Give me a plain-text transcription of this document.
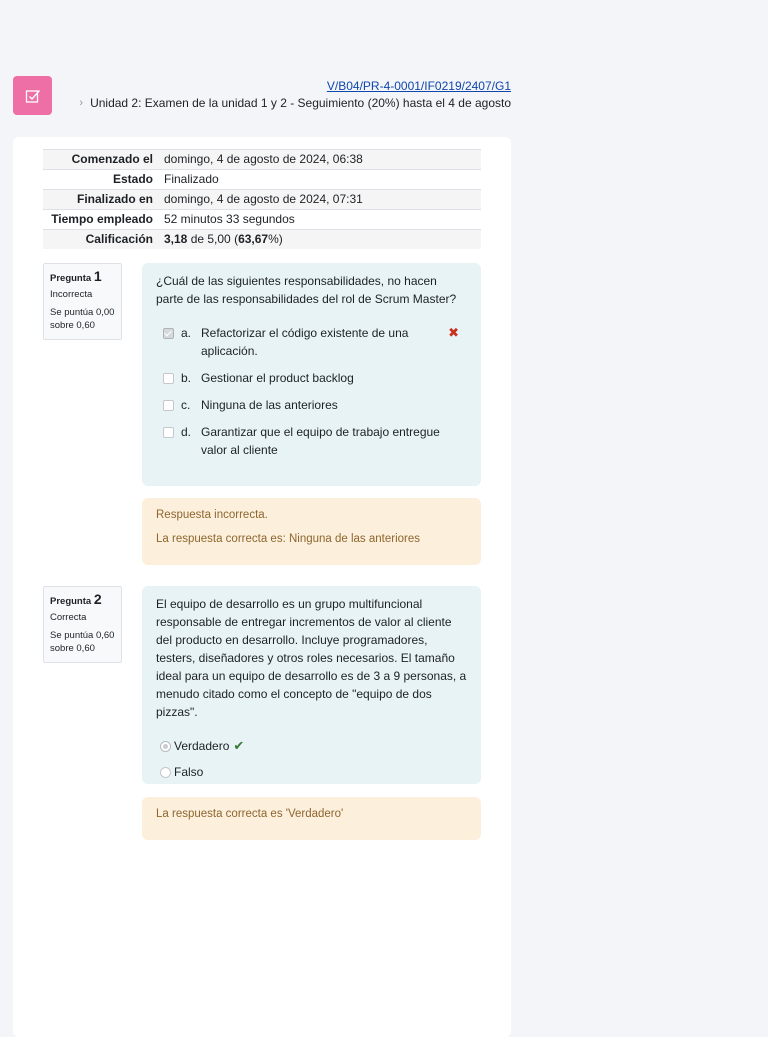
V/B04/PR-4-0001/IF0219/2407/G1
› Unidad 2: Examen de la unidad 1 y 2 - Seguimiento (20%) hasta el 4 de agosto
Comenzado el	domingo, 4 de agosto de 2024, 06:38
Estado	Finalizado
Finalizado en	domingo, 4 de agosto de 2024, 07:31
Tiempo empleado	52 minutos 33 segundos
Calificación	3,18 de 5,00 (63,67%)
Pregunta 1
Incorrecta
Se puntúa 0,00 sobre 0,60

¿Cuál de las siguientes responsabilidades, no hacen parte de las responsabilidades del rol de Scrum Master?

a. Refactorizar el código existente de una aplicación.
✖
b. Gestionar el product backlog
c. Ninguna de las anteriores
d. Garantizar que el equipo de trabajo entregue valor al cliente

Respuesta incorrecta.

La respuesta correcta es: Ninguna de las anteriores

Pregunta 2
Correcta
Se puntúa 0,60 sobre 0,60

El equipo de desarrollo es un grupo multifuncional responsable de entregar incrementos de valor al cliente del producto en desarrollo. Incluye programadores, testers, diseñadores y otros roles necesarios. El tamaño ideal para un equipo de desarrollo es de 3 a 9 personas, a menudo citado como el concepto de "equipo de dos pizzas".

Verdadero ✔
Falso

La respuesta correcta es 'Verdadero'
